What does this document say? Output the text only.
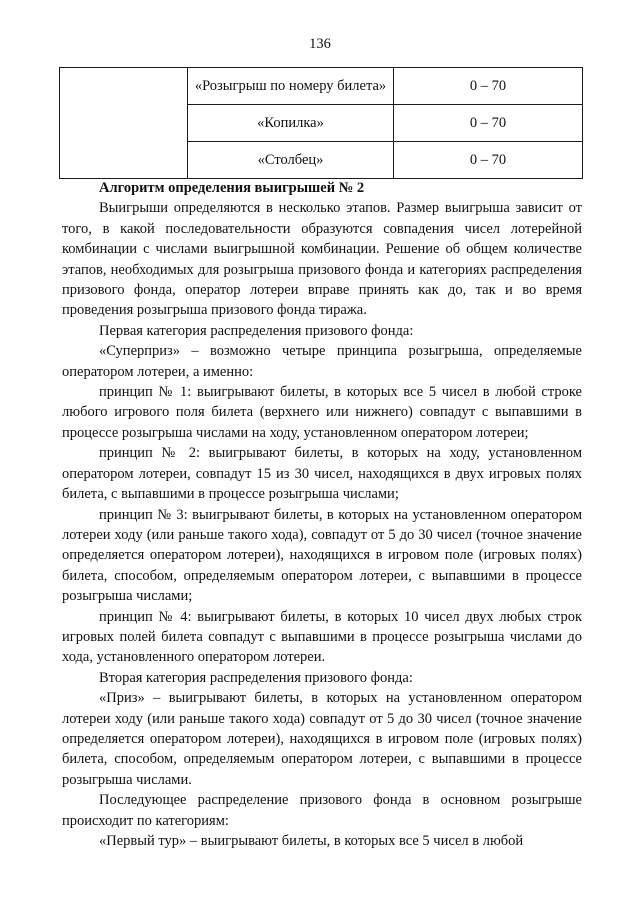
136
	«Розыгрыш по номеру билета»	0 – 70
	«Копилка»	0 – 70
	«Столбец»	0 – 70

Алгоритм определения выигрышей № 2

Выигрыши определяются в несколько этапов. Размер выигрыша зависит от того, в какой последовательности образуются совпадения чисел лотерейной комбинации с числами выигрышной комбинации. Решение об общем количестве этапов, необходимых для розыгрыша призового фонда и категориях распределения призового фонда, оператор лотереи вправе принять как до, так и во время проведения розыгрыша призового фонда тиража.

Первая категория распределения призового фонда:

«Суперприз» – возможно четыре принципа розыгрыша, определяемые оператором лотереи, а именно:

принцип № 1: выигрывают билеты, в которых все 5 чисел в любой строке любого игрового поля билета (верхнего или нижнего) совпадут с выпавшими в процессе розыгрыша числами на ходу, установленном оператором лотереи;

принцип № 2: выигрывают билеты, в которых на ходу, установленном оператором лотереи, совпадут 15 из 30 чисел, находящихся в двух игровых полях билета, с выпавшими в процессе розыгрыша числами;

принцип № 3: выигрывают билеты, в которых на установленном оператором лотереи ходу (или раньше такого хода), совпадут от 5 до 30 чисел (точное значение определяется оператором лотереи), находящихся в игровом поле (игровых полях) билета, способом, определяемым оператором лотереи, с выпавшими в процессе розыгрыша числами;

принцип № 4: выигрывают билеты, в которых 10 чисел двух любых строк игровых полей билета совпадут с выпавшими в процессе розыгрыша числами до хода, установленного оператором лотереи.

Вторая категория распределения призового фонда:

«Приз» – выигрывают билеты, в которых на установленном оператором лотереи ходу (или раньше такого хода) совпадут от 5 до 30 чисел (точное значение определяется оператором лотереи), находящихся в игровом поле (игровых полях) билета, способом, определяемым оператором лотереи, с выпавшими в процессе розыгрыша числами.

Последующее распределение призового фонда в основном розыгрыше происходит по категориям:

«Первый тур» – выигрывают билеты, в которых все 5 чисел в любой
